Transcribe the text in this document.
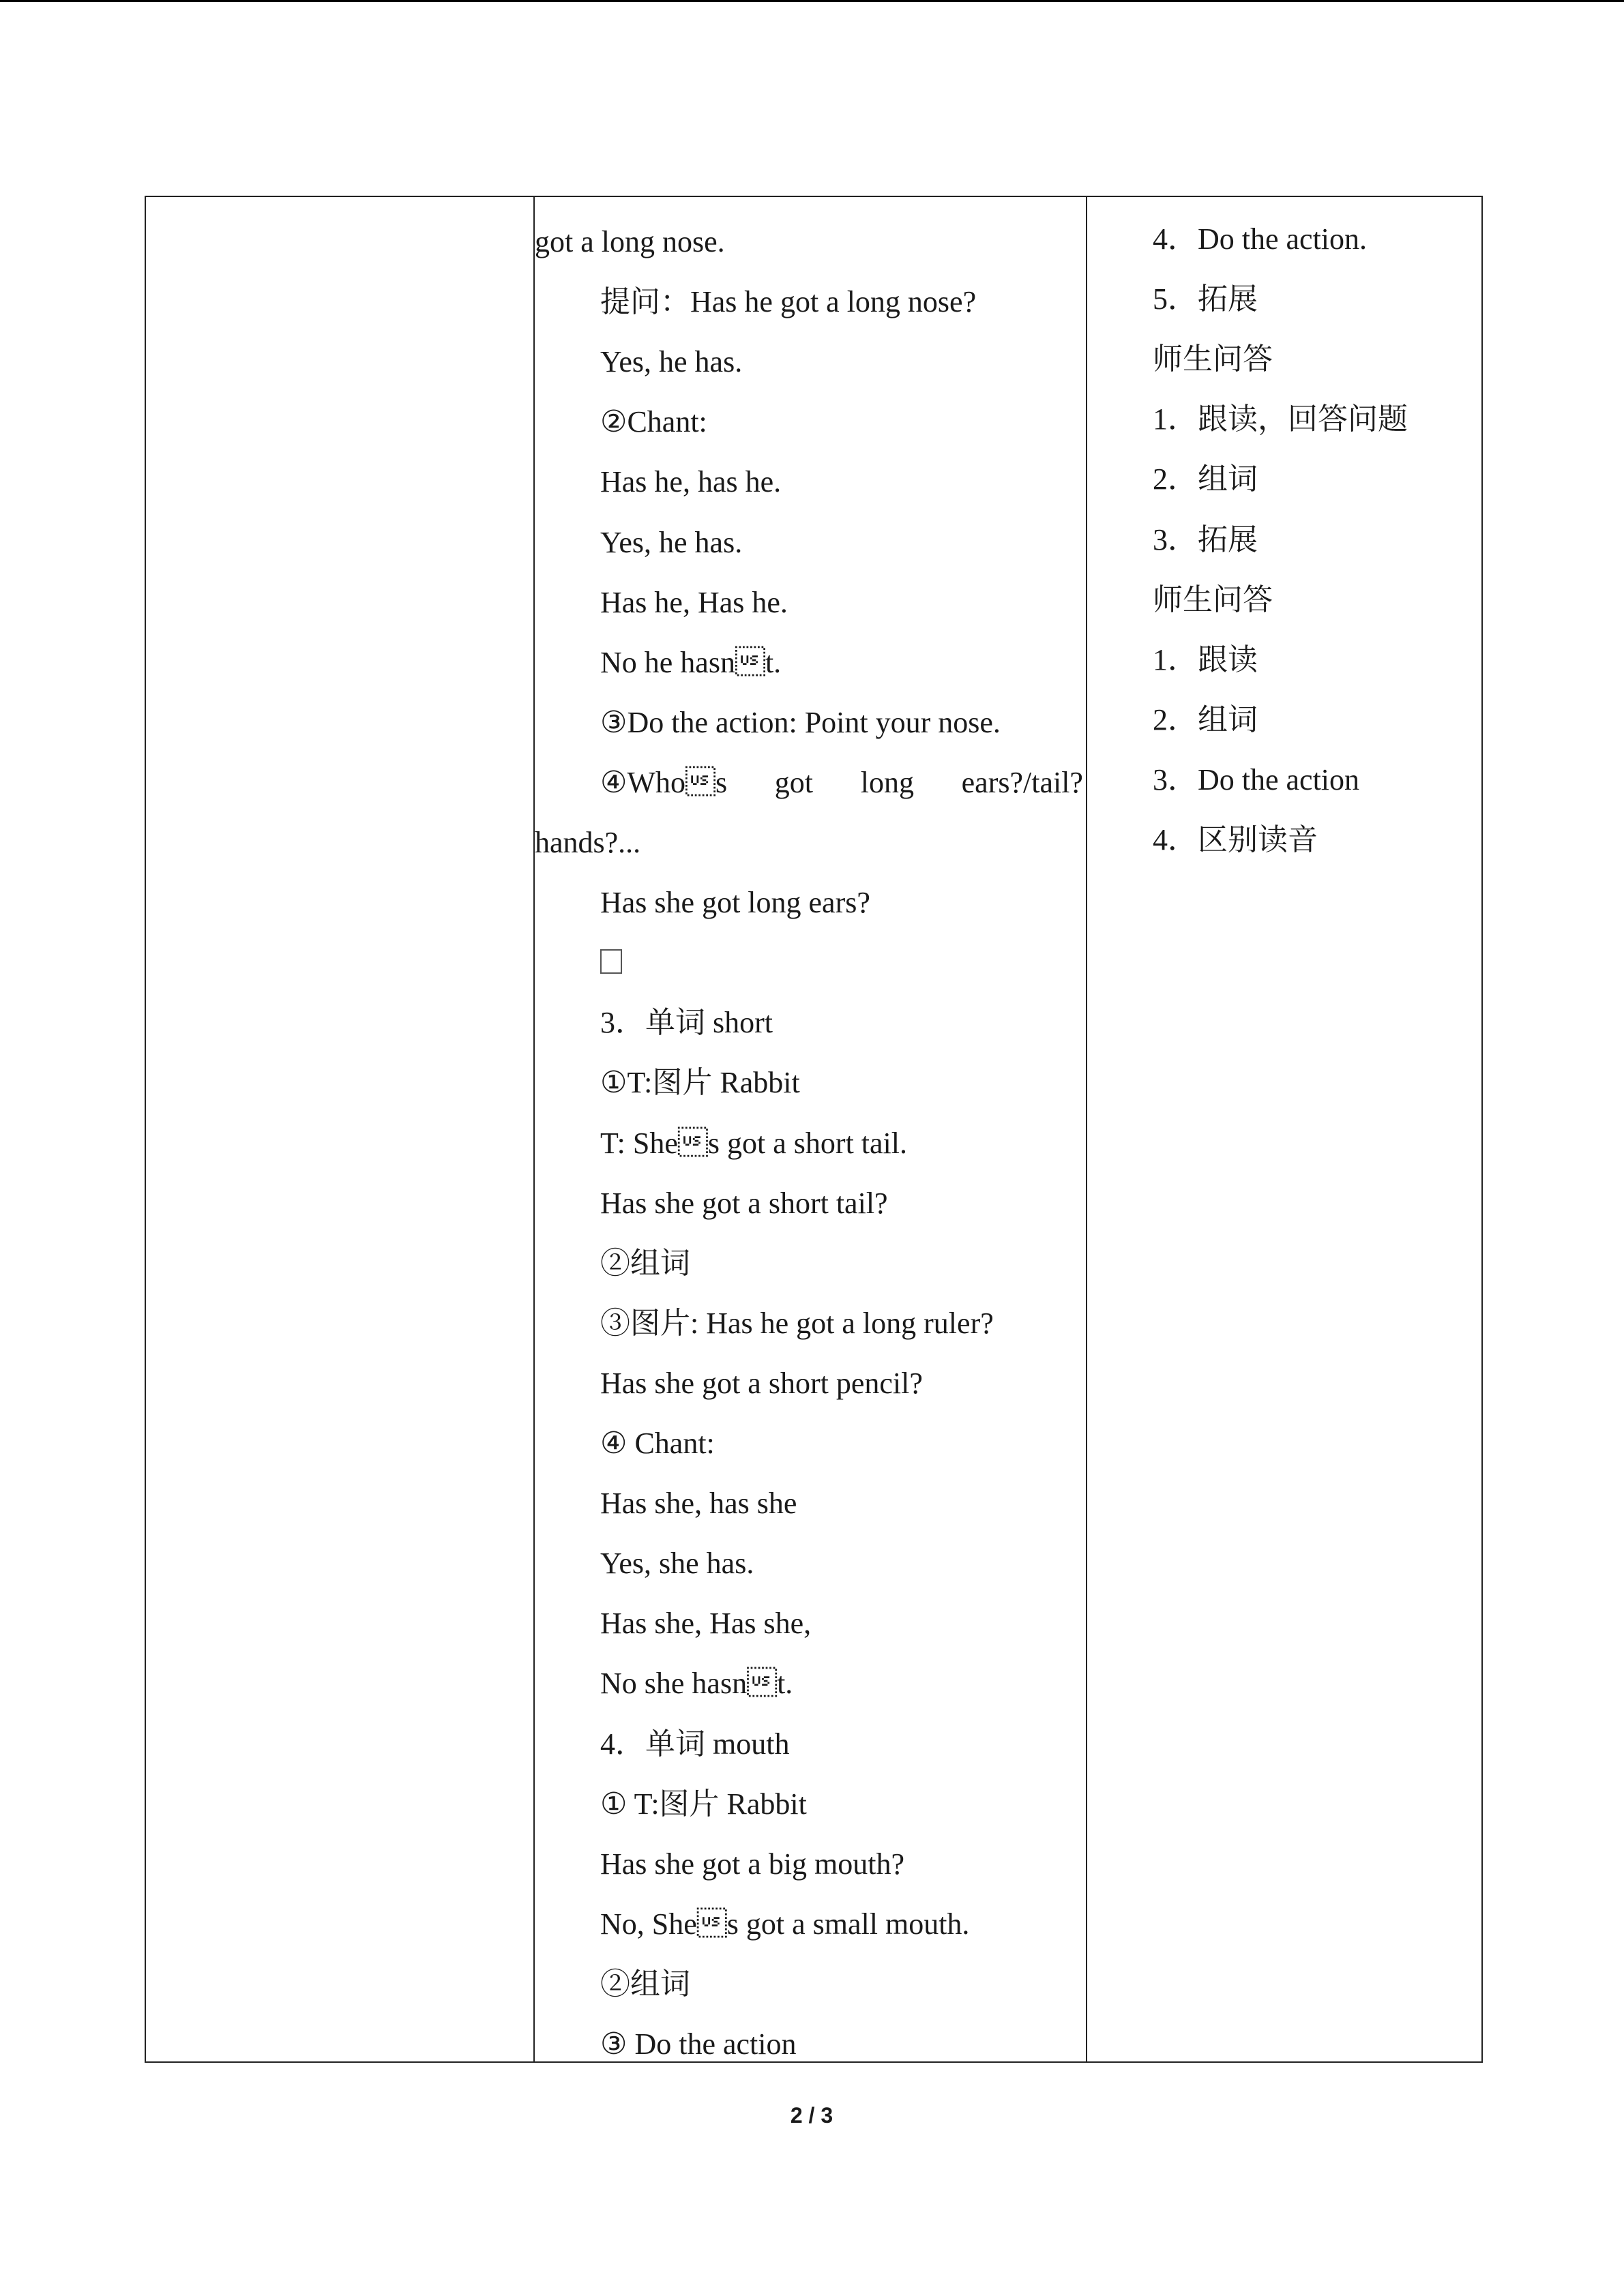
got a long nose.
提问：Has he got a long nose?
Yes, he has.
②Chant:
Has he, has he.
Yes, he has.
Has he, Has he.
No he hasnt.
③Do the action: Point your nose.
④Whos got long ears?/tail?
hands?...
Has she got long ears?
3．单词 short
①T:图片 Rabbit
T: Shes got a short tail.
Has she got a short tail?
②组词
③图片: Has he got a long ruler?
Has she got a short pencil?
④ Chant:
Has she, has she
Yes, she has.
Has she, Has she,
No she hasnt.
4．单词 mouth
① T:图片 Rabbit
Has she got a big mouth?
No, Shes got a small mouth.
②组词
③ Do the action

4．Do the action.
5．拓展
师生问答
1．跟读，回答问题
2．组词
3．拓展
师生问答
1．跟读
2．组词
3．Do the action
4．区别读音
2 / 3
